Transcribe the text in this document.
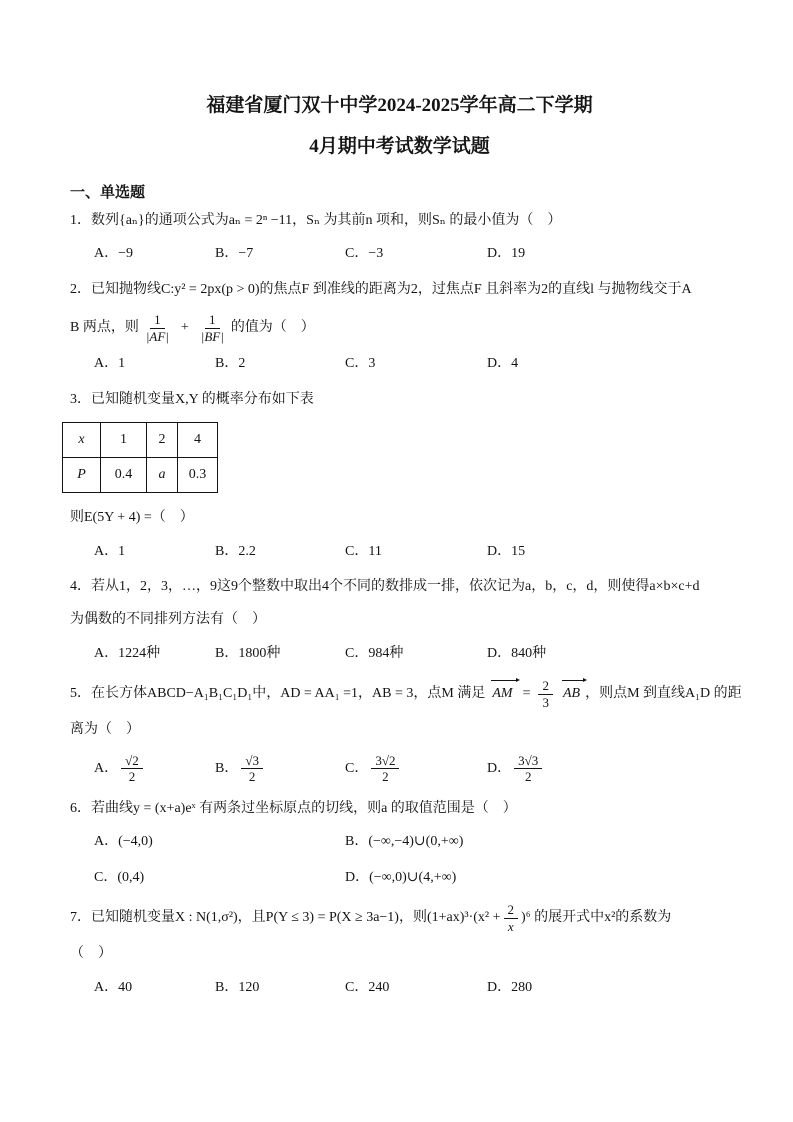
福建省厦门双十中学2024-2025学年高二下学期
4月期中考试数学试题
一、单选题
1．数列{aₙ}的通项公式为aₙ = 2ⁿ −11，Sₙ 为其前n 项和，则Sₙ 的最小值为（　）
A．−9	B．−7	C．−3	D．19
2．已知抛物线C:y² = 2px(p > 0)的焦点F 到准线的距离为2，过焦点F 且斜率为2的直线l 与抛物线交于A
B 两点，则 $\frac{1}{|AF|} + \frac{1}{|BF|}$ 的值为（　）
A．1	B．2	C．3	D．4
3．已知随机变量X,Y 的概率分布如下表
x	1	2	4
P	0.4	a	0.3
则E(5Y + 4) =（　）
A．1	B．2.2	C．11	D．15
4．若从1，2，3，…，9这9个整数中取出4个不同的数排成一排，依次记为a，b，c，d，则使得a×b×c+d
为偶数的不同排列方法有（　）
A．1224种	B．1800种	C．984种	D．840种
5．在长方体ABCD−A₁B₁C₁D₁中，AD = AA₁ =1，AB = 3，点M 满足 AM = $\frac{2}{3}$ AB ，则点M 到直线A₁D 的距
离为（　）
A． $\frac{√2}{2}$	B． $\frac{√3}{2}$	C． $\frac{3√2}{2}$	D． $\frac{3√3}{2}$
6．若曲线y = (x+a)eˣ 有两条过坐标原点的切线，则a 的取值范围是（　）
A．(−4,0)	B．(−∞,−4)∪(0,+∞)
C．(0,4)	D．(−∞,0)∪(4,+∞)
7．已知随机变量X : N(1,σ²)，且P(Y ≤ 3) = P(X ≥ 3a−1)，则$(1+ax)^3\cdot(x^2 + \frac{2}{x} )^6$ 的展开式中x²的系数为
（　）
A．40	B．120	C．240	D．280
